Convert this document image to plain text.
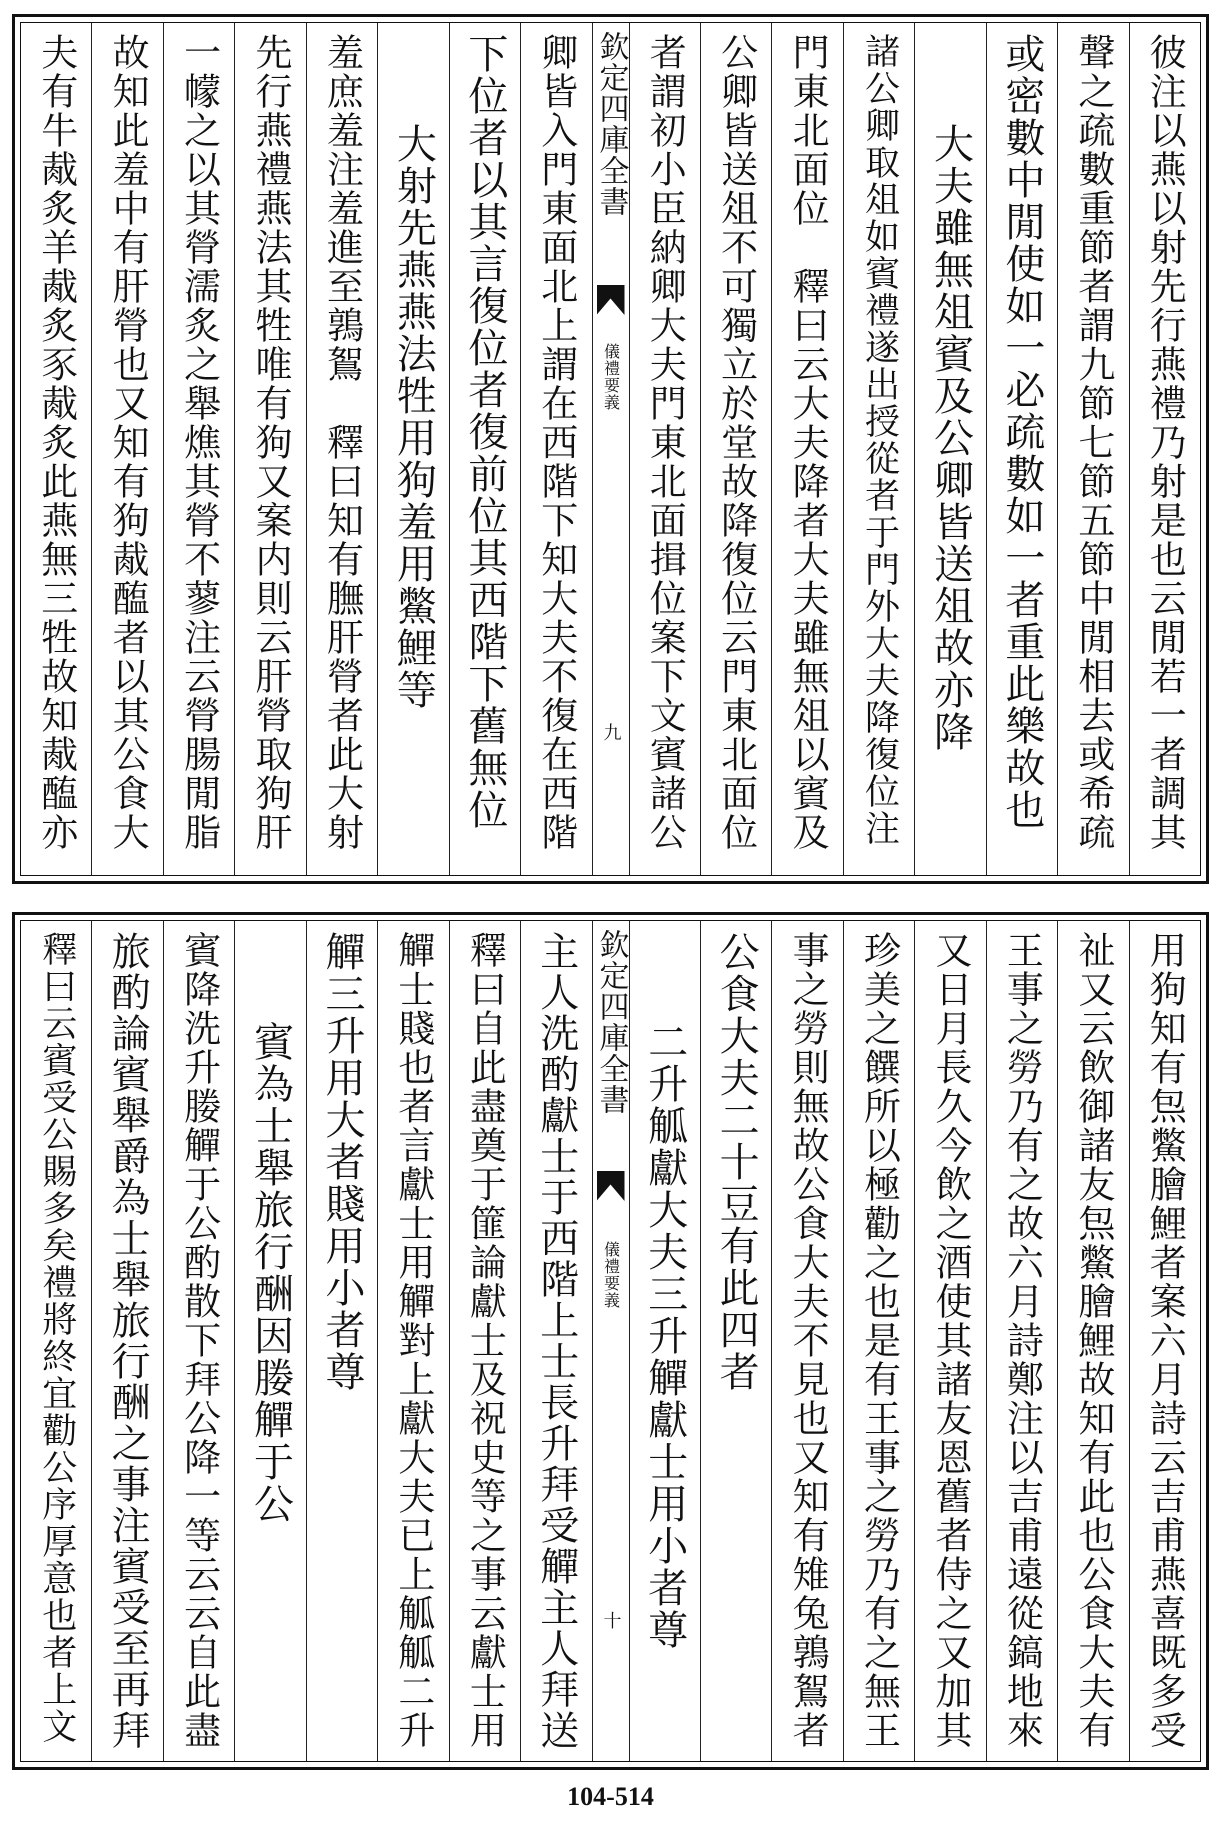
彼注以燕以射先行燕禮乃射是也云閒若一者調其
聲之疏數重節者謂九節七節五節中閒相去或希疏
或密數中閒使如一必疏數如一者重此樂故也
大夫雖無俎賓及公卿皆送俎故亦降
諸公卿取俎如賓禮遂出授從者于門外大夫降復位注
門東北面位　釋曰云大夫降者大夫雖無俎以賓及
公卿皆送俎不可獨立於堂故降復位云門東北面位
者謂初小臣納卿大夫門東北面揖位案下文賓諸公
欽定四庫全書
儀禮要義
九
卿皆入門東面北上謂在西階下知大夫不復在西階
下位者以其言復位者復前位其西階下舊無位
大射先燕燕法牲用狗羞用鱉鯉等
羞庶羞注羞進至鶉鴽　釋曰知有膴肝膋者此大射
先行燕禮燕法其牲唯有狗又案内則云肝膋取狗肝
一幪之以其膋濡炙之舉燋其膋不蓼注云膋腸閒脂
故知此羞中有肝膋也又知有狗胾醢者以其公食大
夫有牛胾炙羊胾炙豕胾炙此燕無三牲故知胾醢亦
用狗知有炰鱉膾鯉者案六月詩云吉甫燕喜既多受
祉又云飲御諸友炰鱉膾鯉故知有此也公食大夫有
王事之勞乃有之故六月詩鄭注以吉甫遠從鎬地來
又日月長久今飲之酒使其諸友恩舊者侍之又加其
珍美之饌所以極勸之也是有王事之勞乃有之無王
事之勞則無故公食大夫不見也又知有雉兔鶉鴽者
公食大夫二十豆有此四者
二升觚獻大夫三升觶獻士用小者尊
欽定四庫全書
儀禮要義
十
主人洗酌獻士于西階上士長升拜受觶主人拜送
釋曰自此盡奠于篚論獻士及祝史等之事云獻士用
觶士賤也者言獻士用觶對上獻大夫已上觚觚二升
觶三升用大者賤用小者尊
賓為士舉旅行酬因媵觶于公
賓降洗升媵觶于公酌散下拜公降一等云云自此盡
旅酌論賓舉爵為士舉旅行酬之事注賓受至再拜
釋曰云賓受公賜多矣禮將終宜勸公序厚意也者上文
104-514
